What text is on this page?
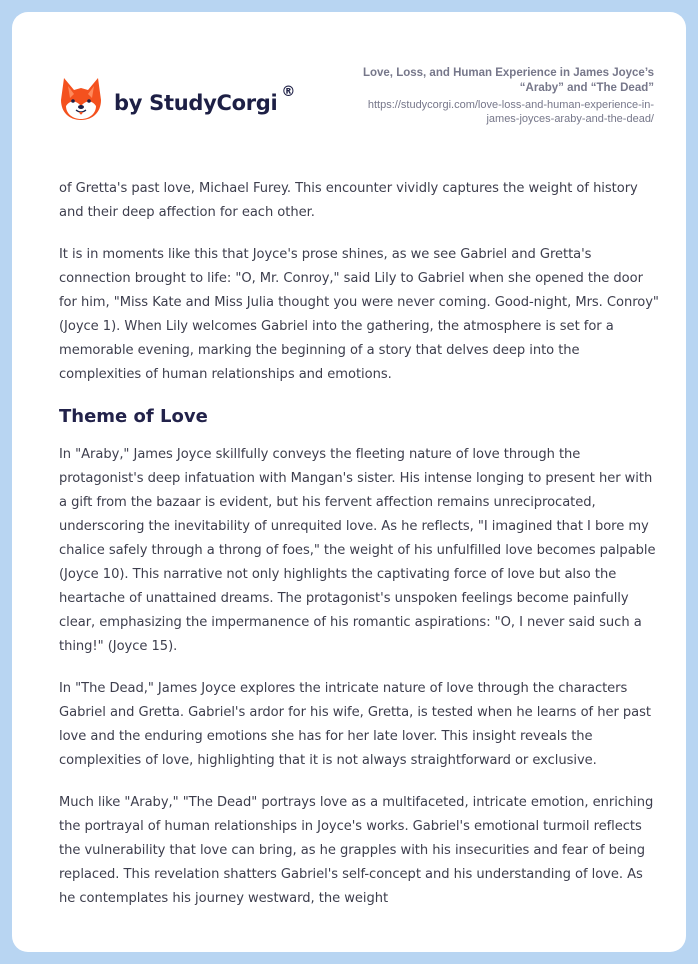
by StudyCorgi ®
Love, Loss, and Human Experience in James Joyce’s
“Araby” and “The Dead”
https://studycorgi.com/love-loss-and-human-experience-in-
james-joyces-araby-and-the-dead/

of Gretta's past love, Michael Furey. This encounter vividly captures the weight of history and their deep affection for each other.

It is in moments like this that Joyce's prose shines, as we see Gabriel and Gretta's connection brought to life: "O, Mr. Conroy," said Lily to Gabriel when she opened the door for him, "Miss Kate and Miss Julia thought you were never coming. Good-night, Mrs. Conroy" (Joyce 1). When Lily welcomes Gabriel into the gathering, the atmosphere is set for a memorable evening, marking the beginning of a story that delves deep into the complexities of human relationships and emotions.

Theme of Love

In "Araby," James Joyce skillfully conveys the fleeting nature of love through the protagonist's deep infatuation with Mangan's sister. His intense longing to present her with a gift from the bazaar is evident, but his fervent affection remains unreciprocated, underscoring the inevitability of unrequited love. As he reflects, "I imagined that I bore my chalice safely through a throng of foes," the weight of his unfulfilled love becomes palpable (Joyce 10). This narrative not only highlights the captivating force of love but also the heartache of unattained dreams. The protagonist's unspoken feelings become painfully clear, emphasizing the impermanence of his romantic aspirations: "O, I never said such a thing!" (Joyce 15).

In "The Dead," James Joyce explores the intricate nature of love through the characters Gabriel and Gretta. Gabriel's ardor for his wife, Gretta, is tested when he learns of her past love and the enduring emotions she has for her late lover. This insight reveals the complexities of love, highlighting that it is not always straightforward or exclusive.

Much like "Araby," "The Dead" portrays love as a multifaceted, intricate emotion, enriching the portrayal of human relationships in Joyce's works. Gabriel's emotional turmoil reflects the vulnerability that love can bring, as he grapples with his insecurities and fear of being replaced. This revelation shatters Gabriel's self-concept and his understanding of love. As he contemplates his journey westward, the weight
